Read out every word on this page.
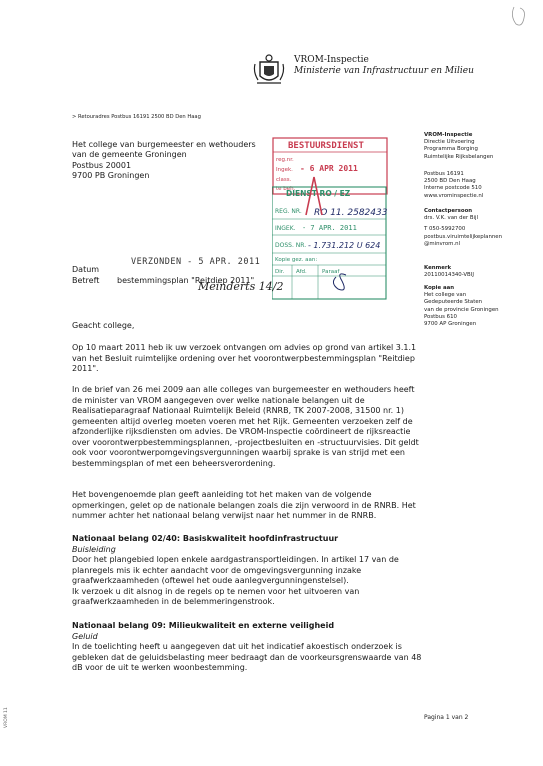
VROM-Inspectie
Ministerie van Infrastructuur en Milieu
> Retouradres Postbus 16191 2500 BD Den Haag
Het college van burgemeester en wethouders
van de gemeente Groningen
Postbus 20001
9700 PB Groningen
VROM-Inspectie
Directie Uitvoering
Programma Borging
Ruimtelijke Rijksbelangen
Postbus 16191
2500 BD Den Haag
Interne postcode 510
www.vrominspectie.nl
Contactpersoon
drs. V.K. van der Bijl
T 050-5992700
postbus.viruimtelijkeplannen
@minvrom.nl
Kenmerk
20110014340-VBIJ
Kopie aan
Het college van
Gedeputeerde Staten
van de provincie Groningen
Postbus 610
9700 AP Groningen
BESTUURSDIENST
reg.nr.
Ingek. - 6 APR 2011
class.
te beh.
DIENST RO / EZ
REG. NR. RO 11. 2582433
INGEK. - 7 APR. 2011
DOSS. NR. - 1.731.212 U 624
Kopie gez. aan:
Dir. Afd.	Paraaf
VERZONDEN - 5 APR. 2011
Datum
Betreft bestemmingsplan "Reitdiep 2011"
Meinderts 14/2
Geacht college,
Op 10 maart 2011 heb ik uw verzoek ontvangen om advies op grond van artikel 3.1.1 van het Besluit ruimtelijke ordening over het voorontwerpbestemmingsplan "Reitdiep 2011".
In de brief van 26 mei 2009 aan alle colleges van burgemeester en wethouders heeft de minister van VROM aangegeven over welke nationale belangen uit de Realisatieparagraaf Nationaal Ruimtelijk Beleid (RNRB, TK 2007-2008, 31500 nr. 1) gemeenten altijd overleg moeten voeren met het Rijk. Gemeenten verzoeken zelf de afzonderlijke rijksdiensten om advies. De VROM-Inspectie coördineert de rijksreactie over voorontwerpbestemmingsplannen, -projectbesluiten en -structuurvisies. Dit geldt ook voor voorontwerpomgevingsvergunningen waarbij sprake is van strijd met een bestemmingsplan of met een beheersverordening.
Het bovengenoemde plan geeft aanleiding tot het maken van de volgende opmerkingen, gelet op de nationale belangen zoals die zijn verwoord in de RNRB. Het nummer achter het nationaal belang verwijst naar het nummer in de RNRB.
Nationaal belang 02/40: Basiskwaliteit hoofdinfrastructuur
Buisleiding

Door het plangebied lopen enkele aardgastransportleidingen. In artikel 17 van de planregels mis ik echter aandacht voor de omgevingsvergunning inzake graafwerkzaamheden (oftewel het oude aanlegvergunningenstelsel).

Ik verzoek u dit alsnog in de regels op te nemen voor het uitvoeren van graafwerkzaamheden in de belemmeringenstrook.

Nationaal belang 09: Milieukwaliteit en externe veiligheid
Geluid

In de toelichting heeft u aangegeven dat uit het indicatief akoestisch onderzoek is gebleken dat de geluidsbelasting meer bedraagt dan de voorkeursgrenswaarde van 48 dB voor de uit te werken woonbestemming.

Pagina 1 van 2
VROM 11
